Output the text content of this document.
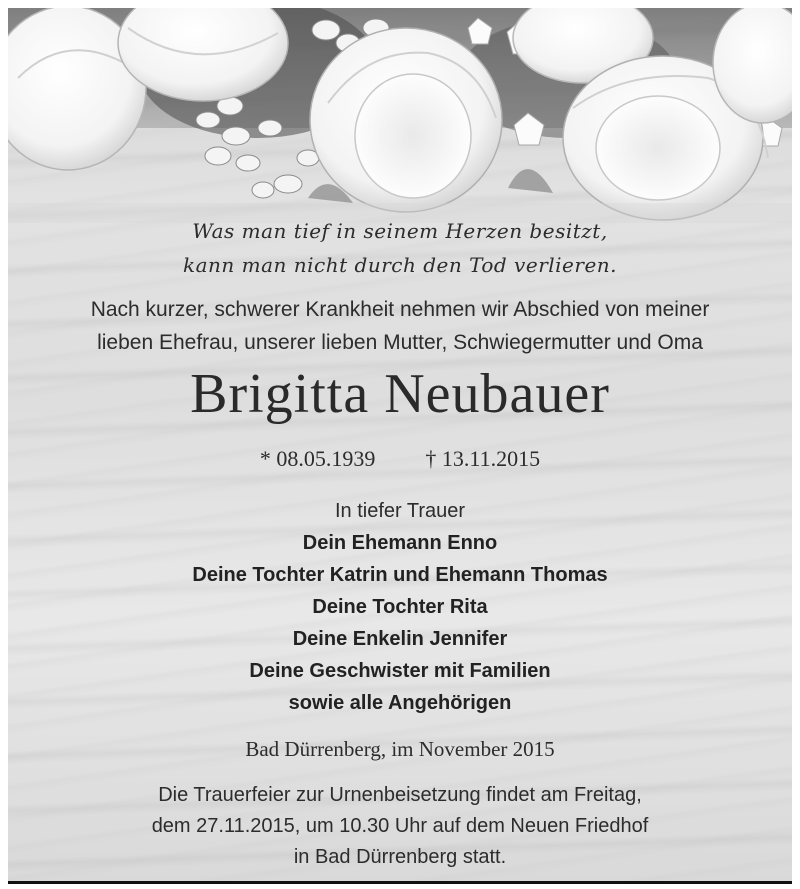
Was man tief in seinem Herzen besitzt,
kann man nicht durch den Tod verlieren.
Nach kurzer, schwerer Krankheit nehmen wir Abschied von meiner
lieben Ehefrau, unserer lieben Mutter, Schwiegermutter und Oma
Brigitta Neubauer
* 08.05.1939 † 13.11.2015
In tiefer Trauer
Dein Ehemann Enno
Deine Tochter Katrin und Ehemann Thomas
Deine Tochter Rita
Deine Enkelin Jennifer
Deine Geschwister mit Familien
sowie alle Angehörigen
Bad Dürrenberg, im November 2015
Die Trauerfeier zur Urnenbeisetzung findet am Freitag,
dem 27.11.2015, um 10.30 Uhr auf dem Neuen Friedhof
in Bad Dürrenberg statt.
